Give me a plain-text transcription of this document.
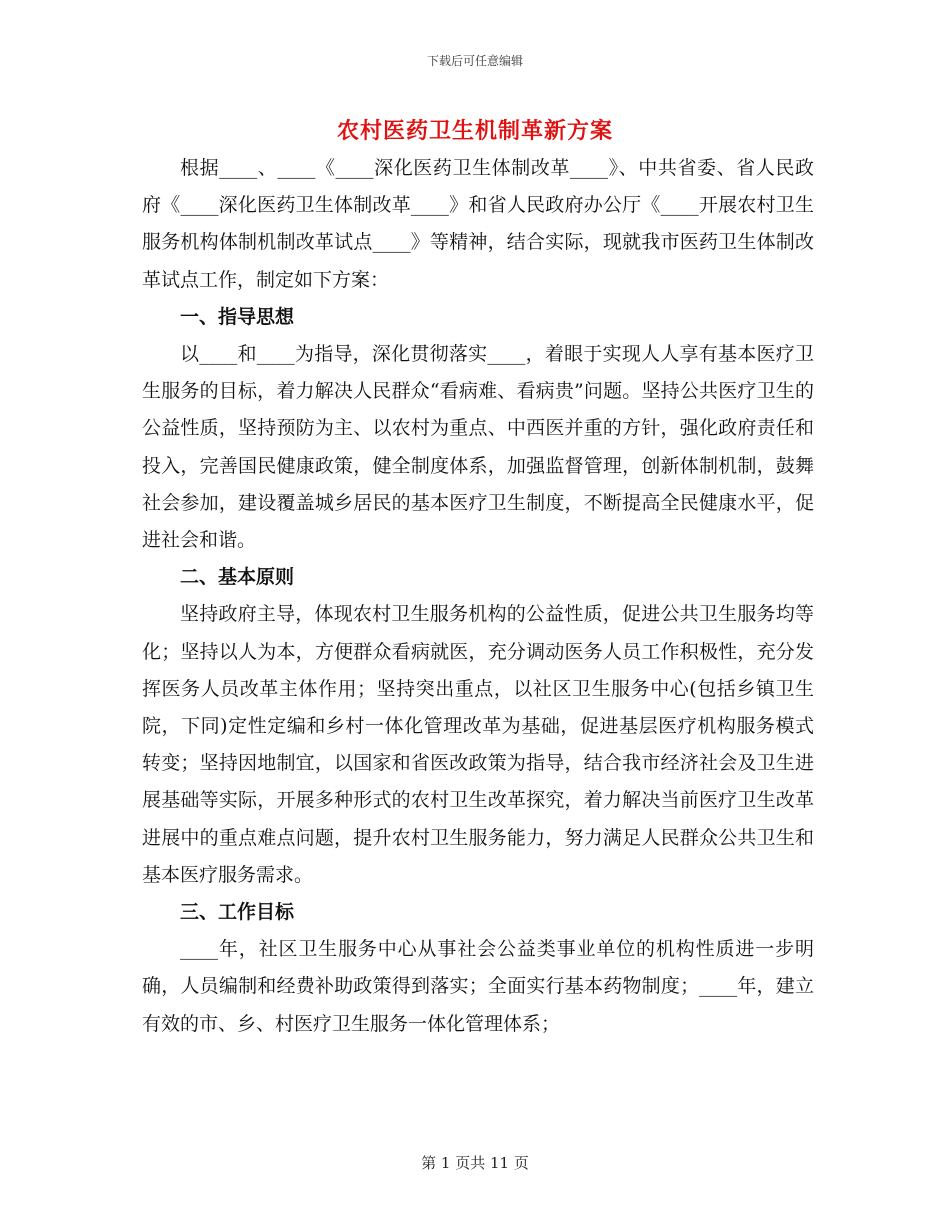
下载后可任意编辑
农村医药卫生机制革新方案

根据____、____《____深化医药卫生体制改革____》、中共省委、省人民政府《____深化医药卫生体制改革____》和省人民政府办公厅《____开展农村卫生服务机构体制机制改革试点____》等精神，结合实际，现就我市医药卫生体制改革试点工作，制定如下方案：

一、指导思想

以____和____为指导，深化贯彻落实____，着眼于实现人人享有基本医疗卫生服务的目标，着力解决人民群众“看病难、看病贵”问题。坚持公共医疗卫生的公益性质，坚持预防为主、以农村为重点、中西医并重的方针，强化政府责任和投入，完善国民健康政策，健全制度体系，加强监督管理，创新体制机制，鼓舞社会参加，建设覆盖城乡居民的基本医疗卫生制度，不断提高全民健康水平，促进社会和谐。

二、基本原则

坚持政府主导，体现农村卫生服务机构的公益性质，促进公共卫生服务均等化；坚持以人为本，方便群众看病就医，充分调动医务人员工作积极性，充分发挥医务人员改革主体作用；坚持突出重点，以社区卫生服务中心(包括乡镇卫生院，下同)定性定编和乡村一体化管理改革为基础，促进基层医疗机构服务模式转变；坚持因地制宜，以国家和省医改政策为指导，结合我市经济社会及卫生进展基础等实际，开展多种形式的农村卫生改革探究，着力解决当前医疗卫生改革进展中的重点难点问题，提升农村卫生服务能力，努力满足人民群众公共卫生和基本医疗服务需求。

三、工作目标

____年，社区卫生服务中心从事社会公益类事业单位的机构性质进一步明确，人员编制和经费补助政策得到落实；全面实行基本药物制度；____年，建立有效的市、乡、村医疗卫生服务一体化管理体系；

第 1 页共 11 页
